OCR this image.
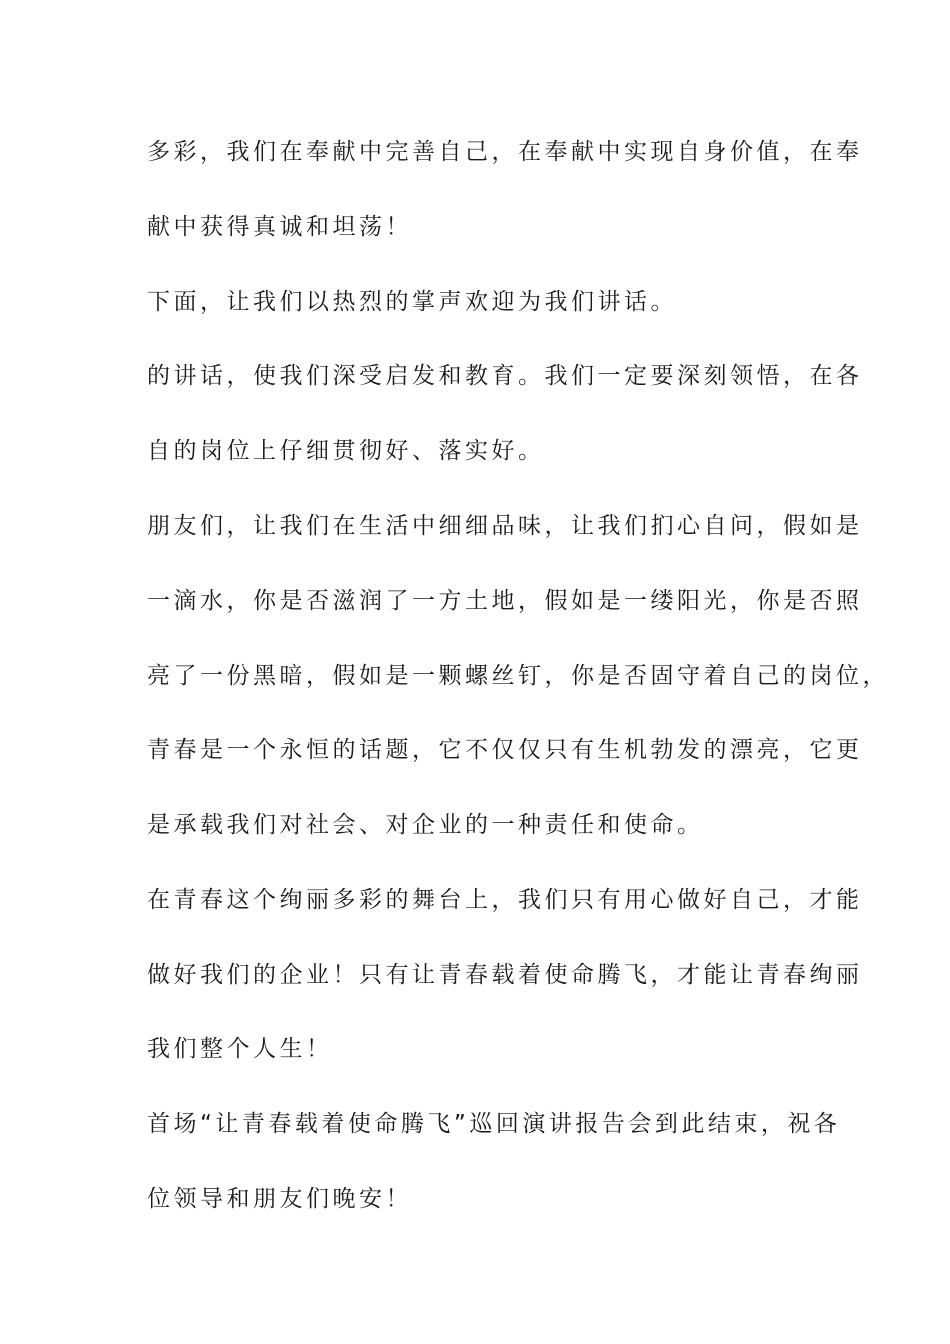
多彩，我们在奉献中完善自己，在奉献中实现自身价值，在奉
献中获得真诚和坦荡！
下面，让我们以热烈的掌声欢迎为我们讲话。
的讲话，使我们深受启发和教育。我们一定要深刻领悟，在各
自的岗位上仔细贯彻好、落实好。
朋友们，让我们在生活中细细品味，让我们扪心自问，假如是
一滴水，你是否滋润了一方土地，假如是一缕阳光，你是否照
亮了一份黑暗，假如是一颗螺丝钉，你是否固守着自己的岗位，
青春是一个永恒的话题，它不仅仅只有生机勃发的漂亮，它更
是承载我们对社会、对企业的一种责任和使命。
在青春这个绚丽多彩的舞台上，我们只有用心做好自己，才能
做好我们的企业！只有让青春载着使命腾飞，才能让青春绚丽
我们整个人生！
首场“让青春载着使命腾飞”巡回演讲报告会到此结束，祝各
位领导和朋友们晚安！
